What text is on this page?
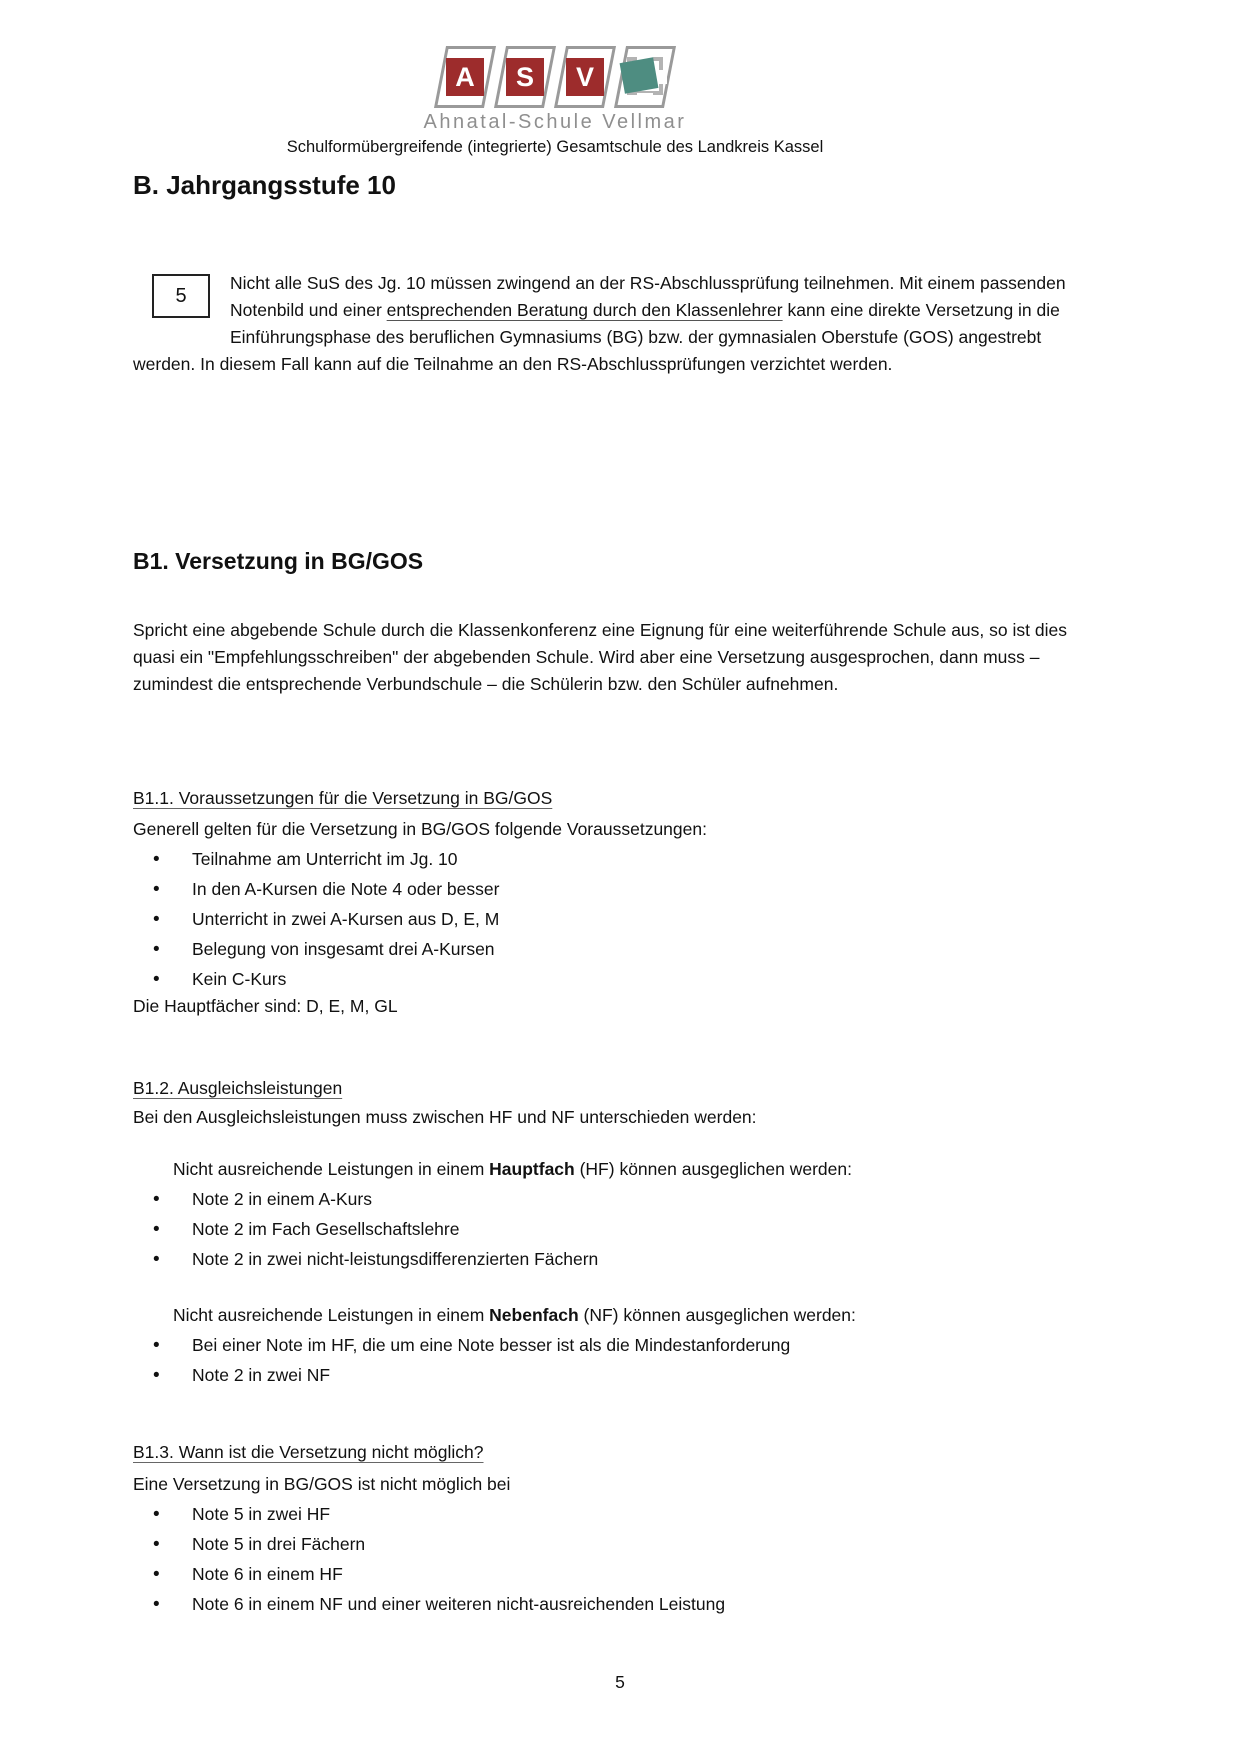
A	S	V
Ahnatal-Schule Vellmar
Schulformübergreifende (integrierte) Gesamtschule des Landkreis Kassel
B. Jahrgangsstufe 10
5
Nicht alle SuS des Jg. 10 müssen zwingend an der RS-Abschlussprüfung teilnehmen. Mit einem passenden Notenbild und einer entsprechenden Beratung durch den Klassenlehrer kann eine direkte Versetzung in die Einführungsphase des beruflichen Gymnasiums (BG) bzw. der gymnasialen Oberstufe (GOS) angestrebt werden. In diesem Fall kann auf die Teilnahme an den RS-Abschlussprüfungen verzichtet werden.
B1. Versetzung in BG/GOS
Spricht eine abgebende Schule durch die Klassenkonferenz eine Eignung für eine weiterführende Schule aus, so ist dies quasi ein "Empfehlungsschreiben" der abgebenden Schule. Wird aber eine Versetzung ausgesprochen, dann muss – zumindest die entsprechende Verbundschule – die Schülerin bzw. den Schüler aufnehmen.
B1.1. Voraussetzungen für die Versetzung in BG/GOS
Generell gelten für die Versetzung in BG/GOS folgende Voraussetzungen:
• Teilnahme am Unterricht im Jg. 10
• In den A-Kursen die Note 4 oder besser
• Unterricht in zwei A-Kursen aus D, E, M
• Belegung von insgesamt drei A-Kursen
• Kein C-Kurs
Die Hauptfächer sind: D, E, M, GL
B1.2. Ausgleichsleistungen
Bei den Ausgleichsleistungen muss zwischen HF und NF unterschieden werden:
Nicht ausreichende Leistungen in einem Hauptfach (HF) können ausgeglichen werden:
• Note 2 in einem A-Kurs
• Note 2 im Fach Gesellschaftslehre
• Note 2 in zwei nicht-leistungsdifferenzierten Fächern
Nicht ausreichende Leistungen in einem Nebenfach (NF) können ausgeglichen werden:
• Bei einer Note im HF, die um eine Note besser ist als die Mindestanforderung
• Note 2 in zwei NF
B1.3. Wann ist die Versetzung nicht möglich?
Eine Versetzung in BG/GOS ist nicht möglich bei
• Note 5 in zwei HF
• Note 5 in drei Fächern
• Note 6 in einem HF
• Note 6 in einem NF und einer weiteren nicht-ausreichenden Leistung
5
